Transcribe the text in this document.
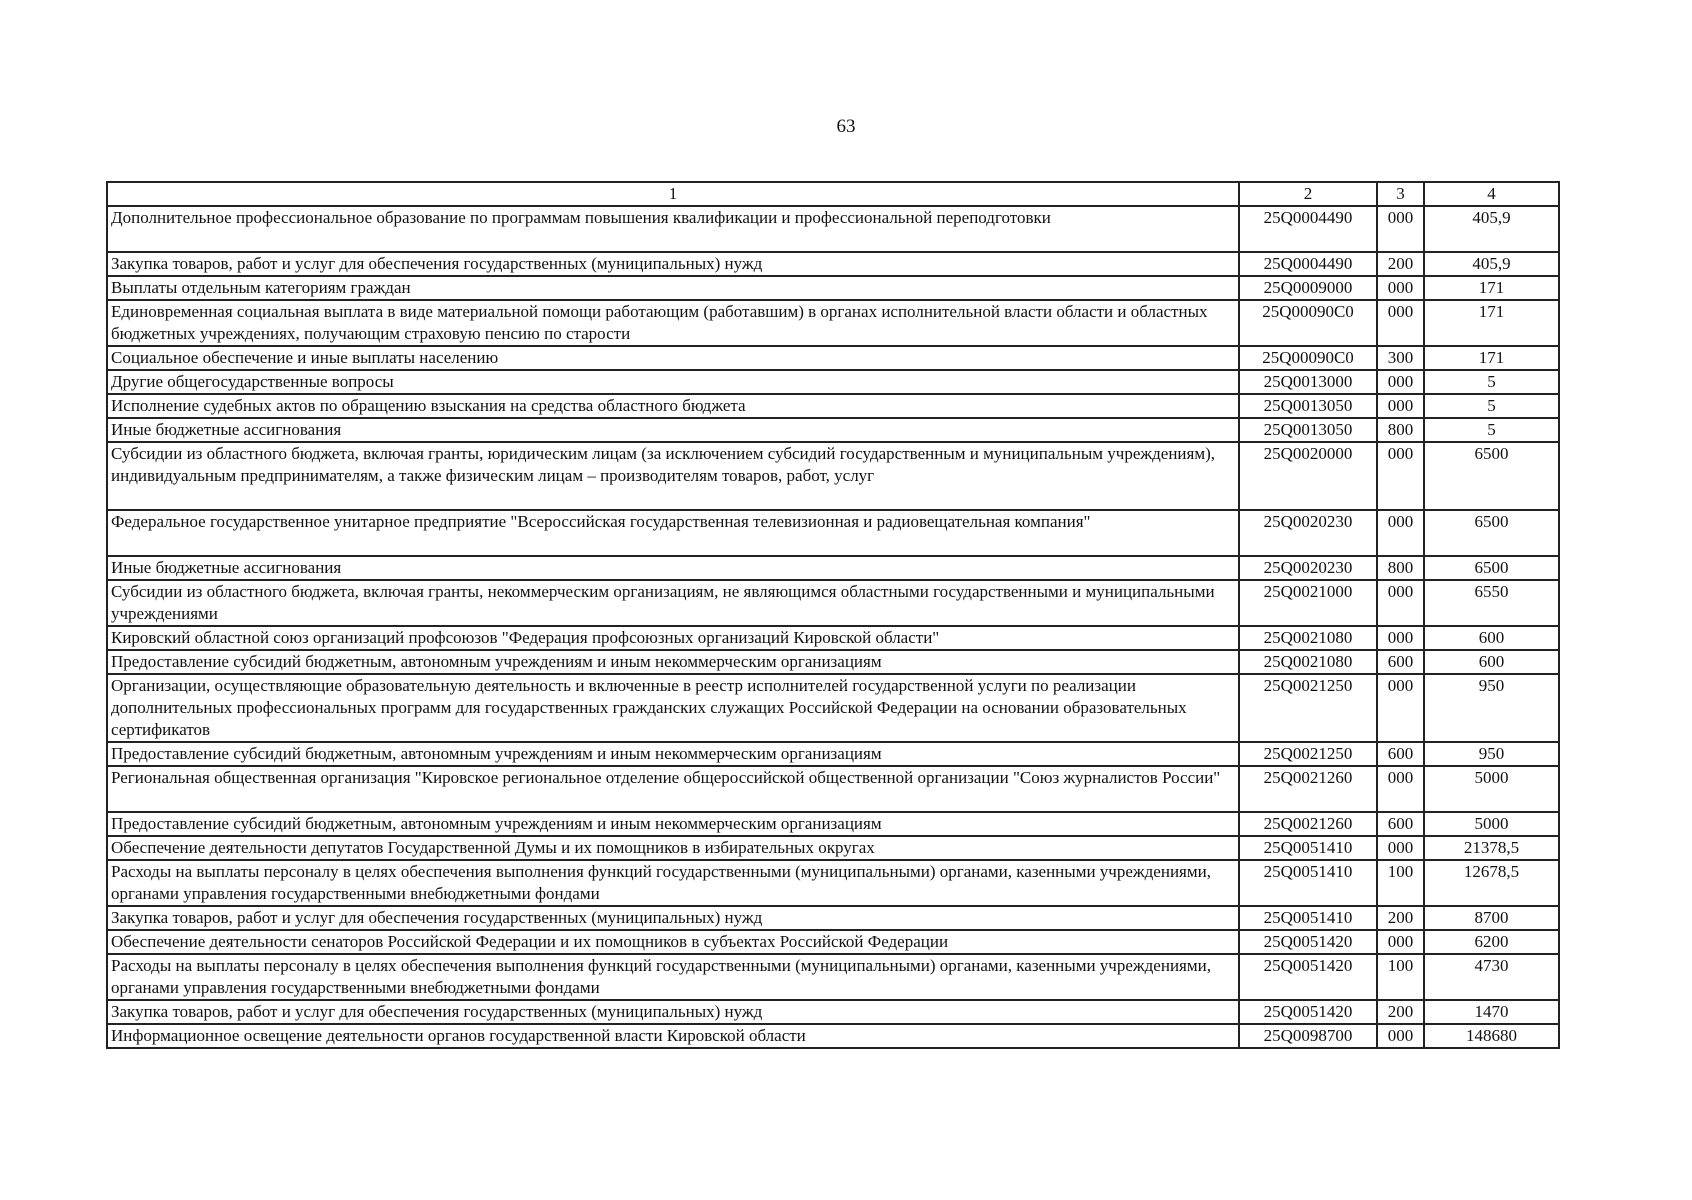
63
1	2	3	4
Дополнительное профессиональное образование по программам повышения квалификации и профессиональной переподготовки	25Q0004490	000	405,9
Закупка товаров, работ и услуг для обеспечения государственных (муниципальных) нужд	25Q0004490	200	405,9
Выплаты отдельным категориям граждан	25Q0009000	000	171
Единовременная социальная выплата в виде материальной помощи работающим (работавшим) в органах исполнительной власти области и областных бюджетных учреждениях, получающим страховую пенсию по старости	25Q00090C0	000	171
Социальное обеспечение и иные выплаты населению	25Q00090C0	300	171
Другие общегосударственные вопросы	25Q0013000	000	5
Исполнение судебных актов по обращению взыскания на средства областного бюджета	25Q0013050	000	5
Иные бюджетные ассигнования	25Q0013050	800	5
Субсидии из областного бюджета, включая гранты, юридическим лицам (за исключением субсидий государственным и муниципальным учреждениям), индивидуальным предпринимателям, а также физическим лицам – производителям товаров, работ, услуг	25Q0020000	000	6500
Федеральное государственное унитарное предприятие "Всероссийская государственная телевизионная и радиовещательная компания"	25Q0020230	000	6500
Иные бюджетные ассигнования	25Q0020230	800	6500
Субсидии из областного бюджета, включая гранты, некоммерческим организациям, не являющимся областными государственными и муниципальными учреждениями	25Q0021000	000	6550
Кировский областной союз организаций профсоюзов "Федерация профсоюзных организаций Кировской области"	25Q0021080	000	600
Предоставление субсидий бюджетным, автономным учреждениям и иным некоммерческим организациям	25Q0021080	600	600
Организации, осуществляющие образовательную деятельность и включенные в реестр исполнителей государственной услуги по реализации дополнительных профессиональных программ для государственных гражданских служащих Российской Федерации на основании образовательных сертификатов	25Q0021250	000	950
Предоставление субсидий бюджетным, автономным учреждениям и иным некоммерческим организациям	25Q0021250	600	950
Региональная общественная организация "Кировское региональное отделение общероссийской общественной организации "Союз журналистов России"	25Q0021260	000	5000
Предоставление субсидий бюджетным, автономным учреждениям и иным некоммерческим организациям	25Q0021260	600	5000
Обеспечение деятельности депутатов Государственной Думы и их помощников в избирательных округах	25Q0051410	000	21378,5
Расходы на выплаты персоналу в целях обеспечения выполнения функций государственными (муниципальными) органами, казенными учреждениями, органами управления государственными внебюджетными фондами	25Q0051410	100	12678,5
Закупка товаров, работ и услуг для обеспечения государственных (муниципальных) нужд	25Q0051410	200	8700
Обеспечение деятельности сенаторов Российской Федерации и их помощников в субъектах Российской Федерации	25Q0051420	000	6200
Расходы на выплаты персоналу в целях обеспечения выполнения функций государственными (муниципальными) органами, казенными учреждениями, органами управления государственными внебюджетными фондами	25Q0051420	100	4730
Закупка товаров, работ и услуг для обеспечения государственных (муниципальных) нужд	25Q0051420	200	1470
Информационное освещение деятельности органов государственной власти Кировской области	25Q0098700	000	148680
